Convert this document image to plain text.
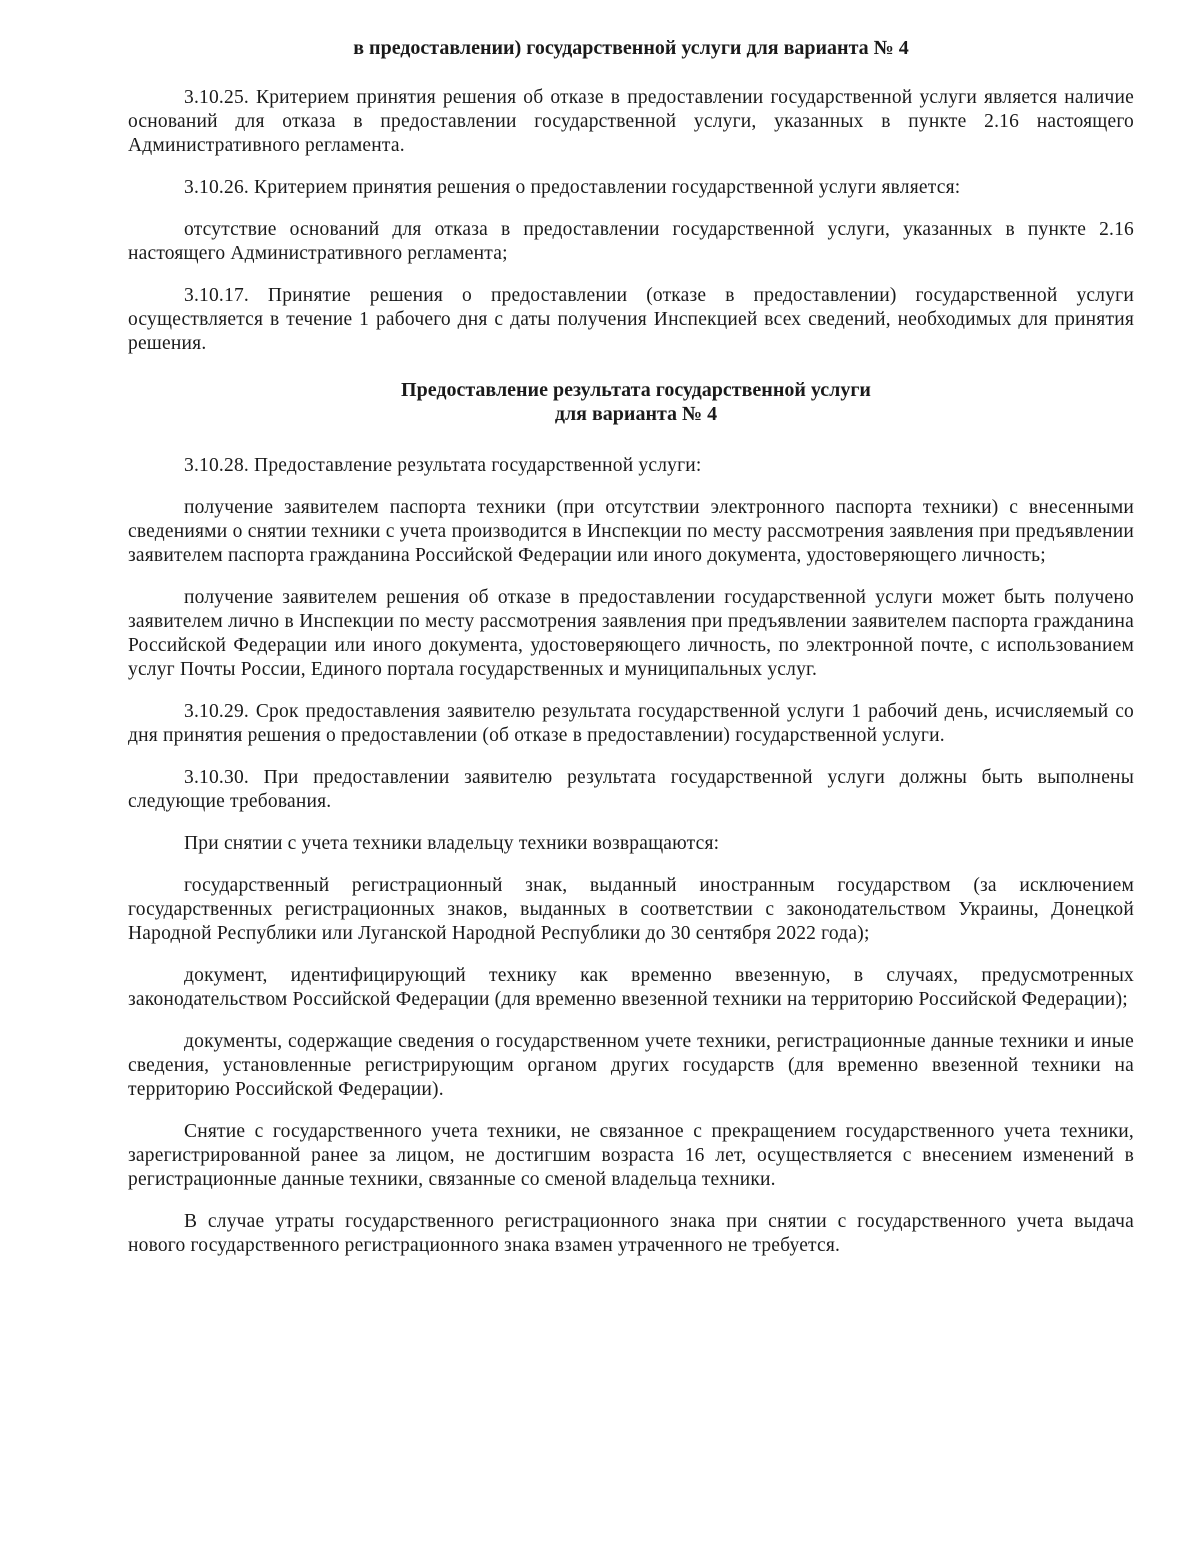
в предоставлении) государственной услуги для варианта № 4

3.10.25. Критерием принятия решения об отказе в предоставлении государственной услуги является наличие оснований для отказа в предоставлении государственной услуги, указанных в пункте 2.16 настоящего Административного регламента.

3.10.26. Критерием принятия решения о предоставлении государственной услуги является:

отсутствие оснований для отказа в предоставлении государственной услуги, указанных в пункте 2.16 настоящего Административного регламента;

3.10.17. Принятие решения о предоставлении (отказе в предоставлении) государственной услуги осуществляется в течение 1 рабочего дня с даты получения Инспекцией всех сведений, необходимых для принятия решения.

Предоставление результата государственной услуги
для варианта № 4

3.10.28. Предоставление результата государственной услуги:

получение заявителем паспорта техники (при отсутствии электронного паспорта техники) с внесенными сведениями о снятии техники с учета производится в Инспекции по месту рассмотрения заявления при предъявлении заявителем паспорта гражданина Российской Федерации или иного документа, удостоверяющего личность;

получение заявителем решения об отказе в предоставлении государственной услуги может быть получено заявителем лично в Инспекции по месту рассмотрения заявления при предъявлении заявителем паспорта гражданина Российской Федерации или иного документа, удостоверяющего личность, по электронной почте, с использованием услуг Почты России, Единого портала государственных и муниципальных услуг.

3.10.29. Срок предоставления заявителю результата государственной услуги 1 рабочий день, исчисляемый со дня принятия решения о предоставлении (об отказе в предоставлении) государственной услуги.

3.10.30. При предоставлении заявителю результата государственной услуги должны быть выполнены следующие требования.

При снятии с учета техники владельцу техники возвращаются:

государственный регистрационный знак, выданный иностранным государством (за исключением государственных регистрационных знаков, выданных в соответствии с законодательством Украины, Донецкой Народной Республики или Луганской Народной Республики до 30 сентября 2022 года);

документ, идентифицирующий технику как временно ввезенную, в случаях, предусмотренных законодательством Российской Федерации (для временно ввезенной техники на территорию Российской Федерации);

документы, содержащие сведения о государственном учете техники, регистрационные данные техники и иные сведения, установленные регистрирующим органом других государств (для временно ввезенной техники на территорию Российской Федерации).

Снятие с государственного учета техники, не связанное с прекращением государственного учета техники, зарегистрированной ранее за лицом, не достигшим возраста 16 лет, осуществляется с внесением изменений в регистрационные данные техники, связанные со сменой владельца техники.

В случае утраты государственного регистрационного знака при снятии с государственного учета выдача нового государственного регистрационного знака взамен утраченного не требуется.
